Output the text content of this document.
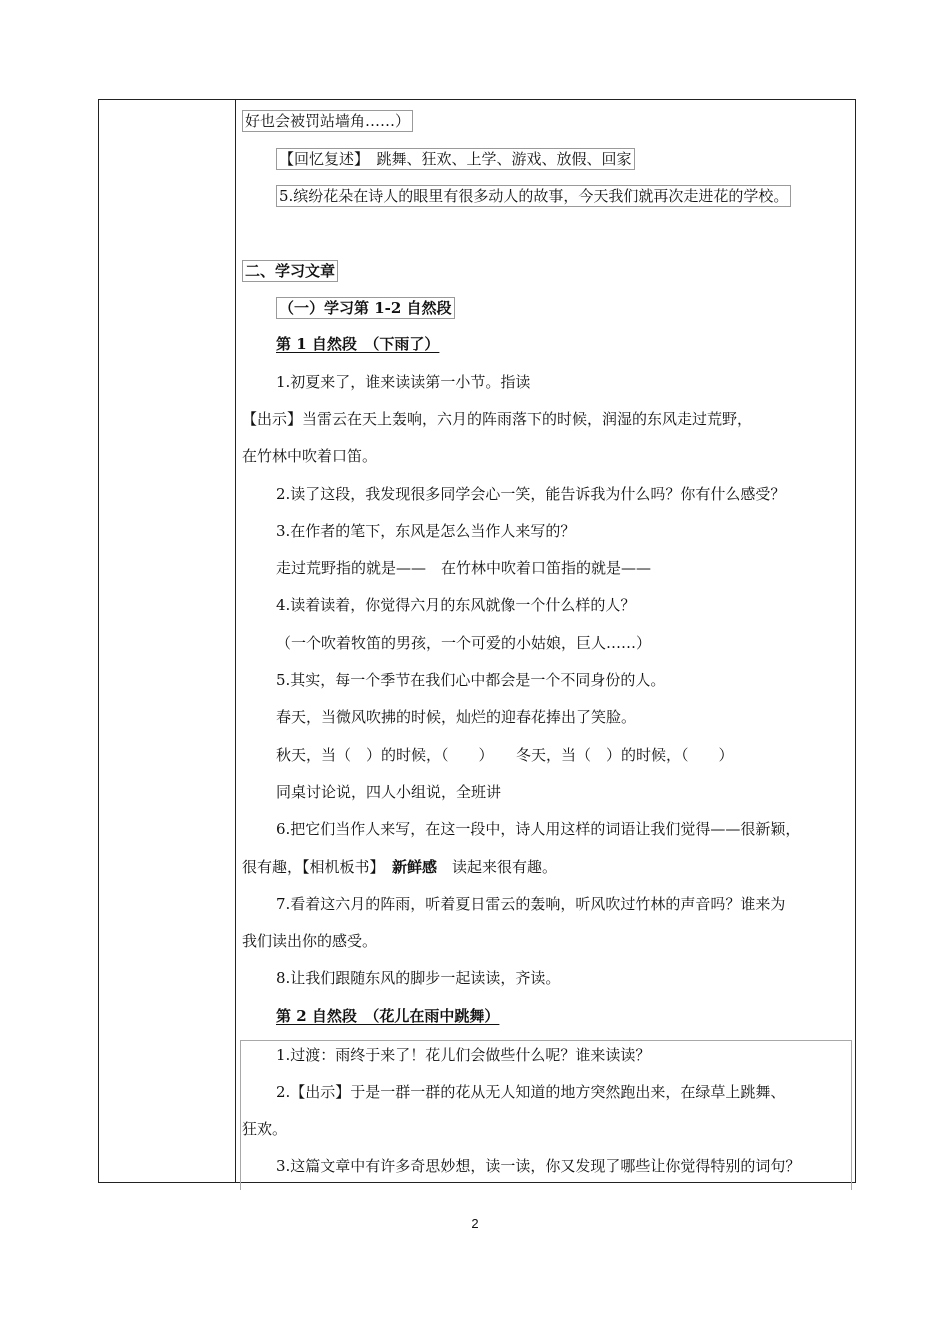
好也会被罚站墙角……）
【回忆复述】　跳舞、狂欢、上学、游戏、放假、回家
5.缤纷花朵在诗人的眼里有很多动人的故事，今天我们就再次走进花的学校。
二、学习文章
（一）学习第 1-2 自然段
第 1 自然段　（下雨了）
1.初夏来了，谁来读读第一小节。指读
【出示】当雷云在天上轰响，六月的阵雨落下的时候，润湿的东风走过荒野，
在竹林中吹着口笛。
2.读了这段，我发现很多同学会心一笑，能告诉我为什么吗？你有什么感受？
3.在作者的笔下，东风是怎么当作人来写的？
走过荒野指的就是——　在竹林中吹着口笛指的就是——
4.读着读着，你觉得六月的东风就像一个什么样的人？
（一个吹着牧笛的男孩，一个可爱的小姑娘，巨人……）
5.其实，每一个季节在我们心中都会是一个不同身份的人。
春天，当微风吹拂的时候，灿烂的迎春花捧出了笑脸。
秋天，当（　）的时候，（　　）　　冬天，当（　）的时候，（　　）
同桌讨论说，四人小组说，全班讲
6.把它们当作人来写，在这一段中，诗人用这样的词语让我们觉得——很新颖，
很有趣，【相机板书】　新鲜感　读起来很有趣。
7.看着这六月的阵雨，听着夏日雷云的轰响，听风吹过竹林的声音吗？谁来为
我们读出你的感受。
8.让我们跟随东风的脚步一起读读，齐读。
第 2 自然段　（花儿在雨中跳舞）
1.过渡：雨终于来了！花儿们会做些什么呢？谁来读读？
2.【出示】于是一群一群的花从无人知道的地方突然跑出来，在绿草上跳舞、
狂欢。
3.这篇文章中有许多奇思妙想，读一读，你又发现了哪些让你觉得特别的词句？
2
